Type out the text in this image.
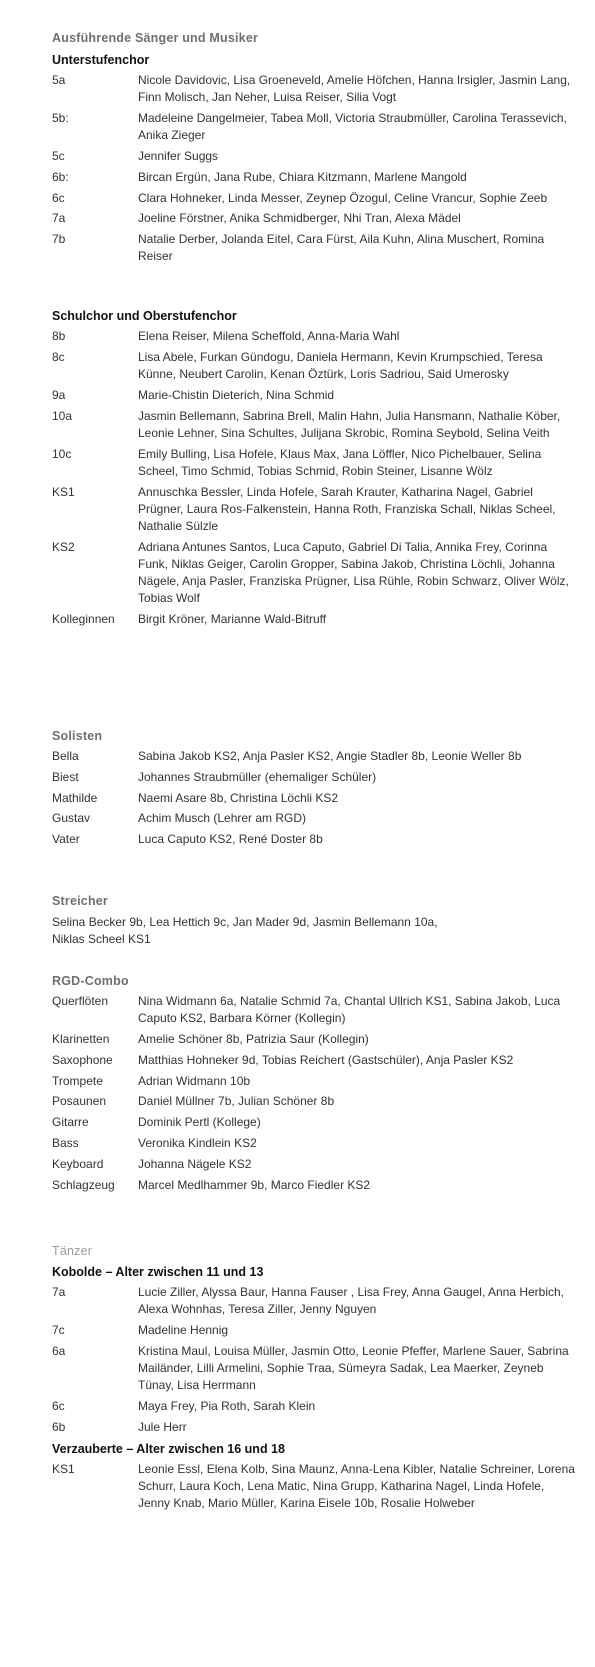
Ausführende Sänger und Musiker
Unterstufenchor
5a	Nicole Davidovic, Lisa Groeneveld, Amelie Höfchen, Hanna Irsigler, Jasmin Lang, Finn Molisch, Jan Neher, Luisa Reiser, Silia Vogt
5b:	Madeleine Dangelmeier, Tabea Moll, Victoria Straubmüller, Carolina Terassevich, Anika Zieger
5c	Jennifer Suggs
6b:	Bircan Ergün, Jana Rube, Chiara Kitzmann, Marlene Mangold
6c	Clara Hohneker, Linda Messer, Zeynep Özogul, Celine Vrancur, Sophie Zeeb
7a	Joeline Förstner, Anika Schmidberger, Nhi Tran, Alexa Mädel
7b	Natalie Derber, Jolanda Eitel, Cara Fürst, Aila Kuhn, Alina Muschert, Romina Reiser
Schulchor und Oberstufenchor
8b	Elena Reiser, Milena Scheffold, Anna-Maria Wahl
8c	Lisa Abele, Furkan Gündogu, Daniela Hermann, Kevin Krumpschied, Teresa Künne, Neubert Carolin, Kenan Öztürk, Loris Sadriou, Said Umerosky
9a	Marie-Chistin Dieterich, Nina Schmid
10a	Jasmin Bellemann, Sabrina Brell, Malin Hahn, Julia Hansmann, Nathalie Köber, Leonie Lehner, Sina Schultes, Julijana Skrobic, Romina Seybold, Selina Veith
10c	Emily Bulling, Lisa Hofele, Klaus Max, Jana Löffler, Nico Pichelbauer, Selina Scheel, Timo Schmid, Tobias Schmid, Robin Steiner, Lisanne Wölz
KS1	Annuschka Bessler, Linda Hofele, Sarah Krauter, Katharina Nagel, Gabriel Prügner, Laura Ros-Falkenstein, Hanna Roth, Franziska Schall, Niklas Scheel, Nathalie Sülzle
KS2	Adriana Antunes Santos, Luca Caputo, Gabriel Di Talia, Annika Frey, Corinna Funk, Niklas Geiger, Carolin Gropper, Sabina Jakob, Christina Löchli, Johanna Nägele, Anja Pasler, Franziska Prügner, Lisa Rühle, Robin Schwarz, Oliver Wölz, Tobias Wolf
Kolleginnen	Birgit Kröner, Marianne Wald-Bitruff
Solisten
Bella	Sabina Jakob KS2, Anja Pasler KS2, Angie Stadler 8b, Leonie Weller 8b
Biest	Johannes Straubmüller (ehemaliger Schüler)
Mathilde	Naemi Asare 8b, Christina Löchli KS2
Gustav	Achim Musch (Lehrer am RGD)
Vater	Luca Caputo KS2, René Doster 8b
Streicher
Selina Becker 9b, Lea Hettich 9c, Jan Mader 9d, Jasmin Bellemann 10a, Niklas Scheel KS1
RGD-Combo
Querflöten	Nina Widmann 6a, Natalie Schmid 7a, Chantal Ullrich KS1, Sabina Jakob, Luca Caputo KS2, Barbara Körner (Kollegin)
Klarinetten	Amelie Schöner 8b, Patrizia Saur (Kollegin)
Saxophone	Matthias Hohneker 9d, Tobias Reichert (Gastschüler), Anja Pasler KS2
Trompete	Adrian Widmann 10b
Posaunen	Daniel Müllner 7b, Julian Schöner 8b
Gitarre	Dominik Pertl (Kollege)
Bass	Veronika Kindlein KS2
Keyboard	Johanna Nägele KS2
Schlagzeug	Marcel Medlhammer 9b, Marco Fiedler KS2
Tänzer
Kobolde – Alter zwischen 11 und 13
7a	Lucie Ziller, Alyssa Baur, Hanna Fauser , Lisa Frey, Anna Gaugel, Anna Herbich, Alexa Wohnhas, Teresa Ziller, Jenny Nguyen
7c	Madeline Hennig
6a	Kristina Maul, Louisa Müller, Jasmin Otto, Leonie Pfeffer, Marlene Sauer, Sabrina Mailänder, Lilli Armelini, Sophie Traa, Sümeyra Sadak, Lea Maerker, Zeyneb Tünay, Lisa Herrmann
6c	Maya Frey, Pia Roth, Sarah Klein
6b	Jule Herr
Verzauberte – Alter zwischen 16 und 18
KS1	Leonie Essl, Elena Kolb, Sina Maunz, Anna-Lena Kibler, Natalie Schreiner, Lorena Schurr, Laura Koch, Lena Matic, Nina Grupp, Katharina Nagel, Linda Hofele, Jenny Knab, Mario Müller, Karina Eisele 10b, Rosalie Holweber
